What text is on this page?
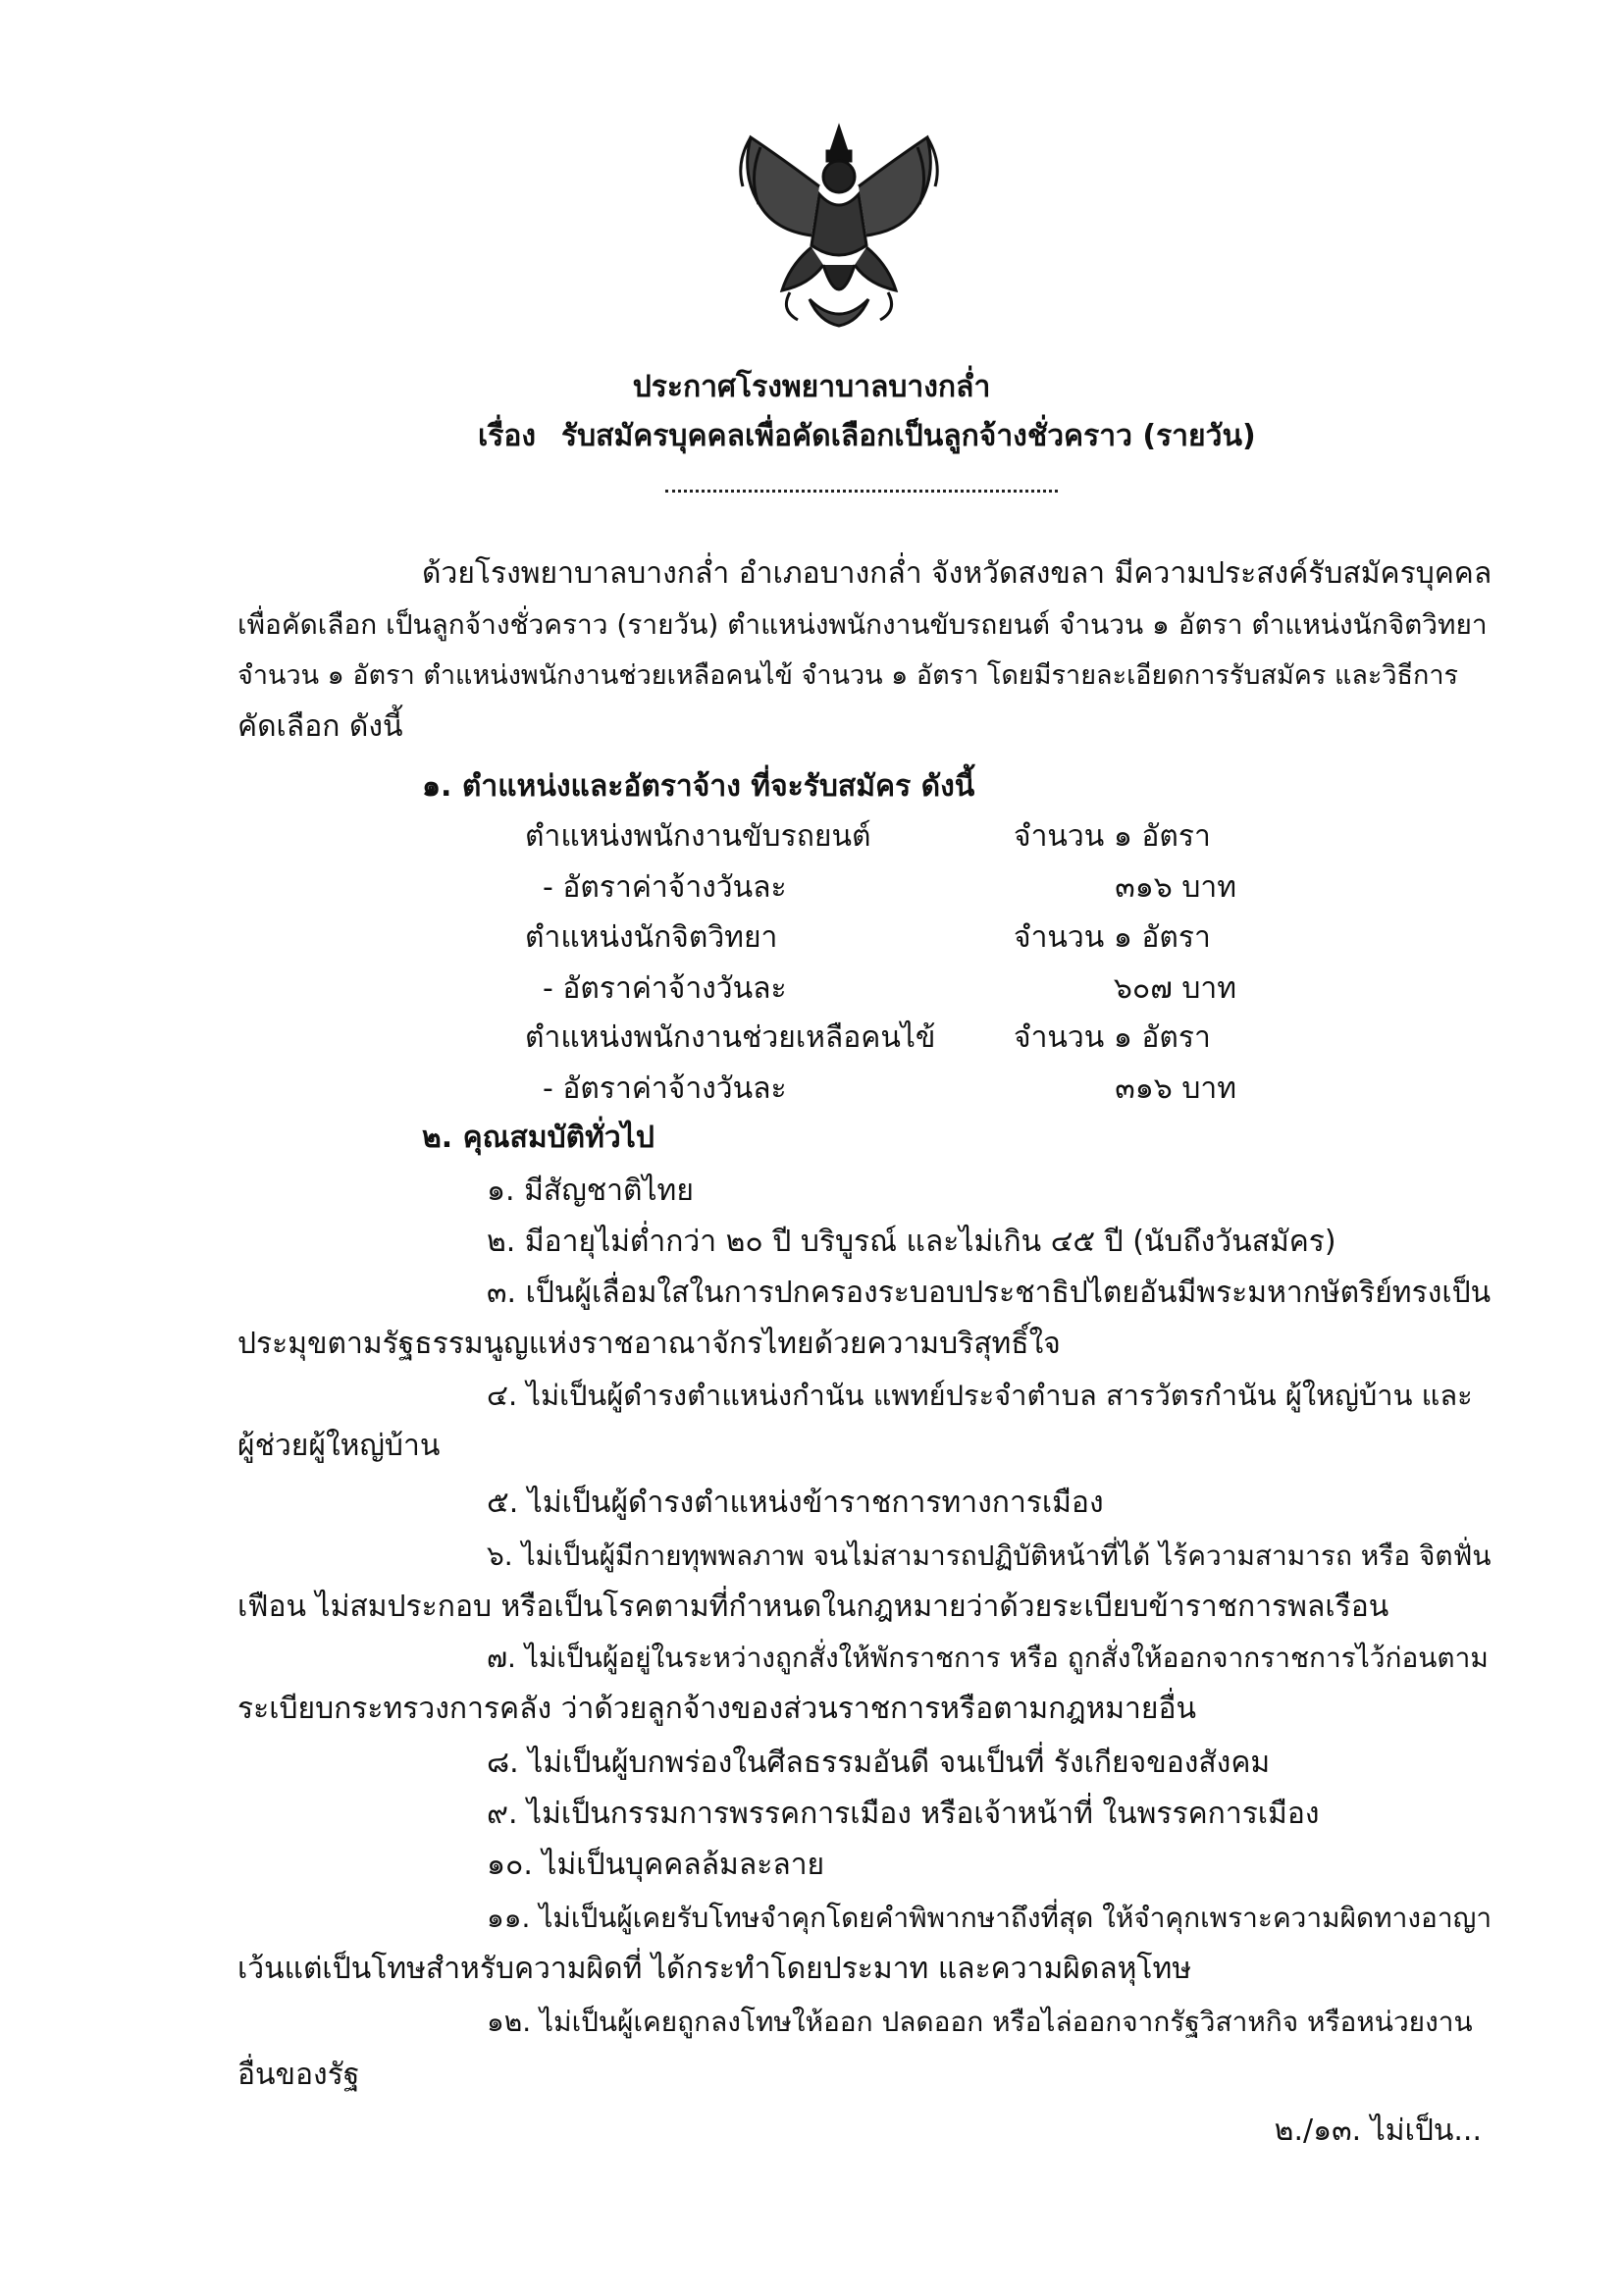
ประกาศโรงพยาบาลบางกล่ำ
เรื่อง รับสมัครบุคคลเพื่อคัดเลือกเป็นลูกจ้างชั่วคราว (รายวัน)
ด้วยโรงพยาบาลบางกล่ำ อำเภอบางกล่ำ จังหวัดสงขลา มีความประสงค์รับสมัครบุคคล
เพื่อคัดเลือก เป็นลูกจ้างชั่วคราว (รายวัน) ตำแหน่งพนักงานขับรถยนต์ จำนวน ๑ อัตรา ตำแหน่งนักจิตวิทยา
จำนวน ๑ อัตรา ตำแหน่งพนักงานช่วยเหลือคนไข้ จำนวน ๑ อัตรา โดยมีรายละเอียดการรับสมัคร และวิธีการ
คัดเลือก ดังนี้
๑. ตำแหน่งและอัตราจ้าง ที่จะรับสมัคร ดังนี้
ตำแหน่งพนักงานขับรถยนต์	จำนวน ๑ อัตรา
- อัตราค่าจ้างวันละ	๓๑๖ บาท
ตำแหน่งนักจิตวิทยา	จำนวน ๑ อัตรา
- อัตราค่าจ้างวันละ	๖๐๗ บาท
ตำแหน่งพนักงานช่วยเหลือคนไข้	จำนวน ๑ อัตรา
- อัตราค่าจ้างวันละ	๓๑๖ บาท
๒. คุณสมบัติทั่วไป
๑. มีสัญชาติไทย
๒. มีอายุไม่ต่ำกว่า ๒๐ ปี บริบูรณ์ และไม่เกิน ๔๕ ปี (นับถึงวันสมัคร)
๓. เป็นผู้เลื่อมใสในการปกครองระบอบประชาธิปไตยอันมีพระมหากษัตริย์ทรงเป็น
ประมุขตามรัฐธรรมนูญแห่งราชอาณาจักรไทยด้วยความบริสุทธิ์ใจ
๔. ไม่เป็นผู้ดำรงตำแหน่งกำนัน แพทย์ประจำตำบล สารวัตรกำนัน ผู้ใหญ่บ้าน และ
ผู้ช่วยผู้ใหญ่บ้าน
๕. ไม่เป็นผู้ดำรงตำแหน่งข้าราชการทางการเมือง
๖. ไม่เป็นผู้มีกายทุพพลภาพ จนไม่สามารถปฏิบัติหน้าที่ได้ ไร้ความสามารถ หรือ จิตฟั่น
เฟือน ไม่สมประกอบ หรือเป็นโรคตามที่กำหนดในกฎหมายว่าด้วยระเบียบข้าราชการพลเรือน
๗. ไม่เป็นผู้อยู่ในระหว่างถูกสั่งให้พักราชการ หรือ ถูกสั่งให้ออกจากราชการไว้ก่อนตาม
ระเบียบกระทรวงการคลัง ว่าด้วยลูกจ้างของส่วนราชการหรือตามกฎหมายอื่น
๘. ไม่เป็นผู้บกพร่องในศีลธรรมอันดี จนเป็นที่ รังเกียจของสังคม
๙. ไม่เป็นกรรมการพรรคการเมือง หรือเจ้าหน้าที่ ในพรรคการเมือง
๑๐. ไม่เป็นบุคคลล้มละลาย
๑๑. ไม่เป็นผู้เคยรับโทษจำคุกโดยคำพิพากษาถึงที่สุด ให้จำคุกเพราะความผิดทางอาญา
เว้นแต่เป็นโทษสำหรับความผิดที่ ได้กระทำโดยประมาท และความผิดลหุโทษ
๑๒. ไม่เป็นผู้เคยถูกลงโทษให้ออก ปลดออก หรือไล่ออกจากรัฐวิสาหกิจ หรือหน่วยงาน
อื่นของรัฐ
๒./๑๓. ไม่เป็น...
